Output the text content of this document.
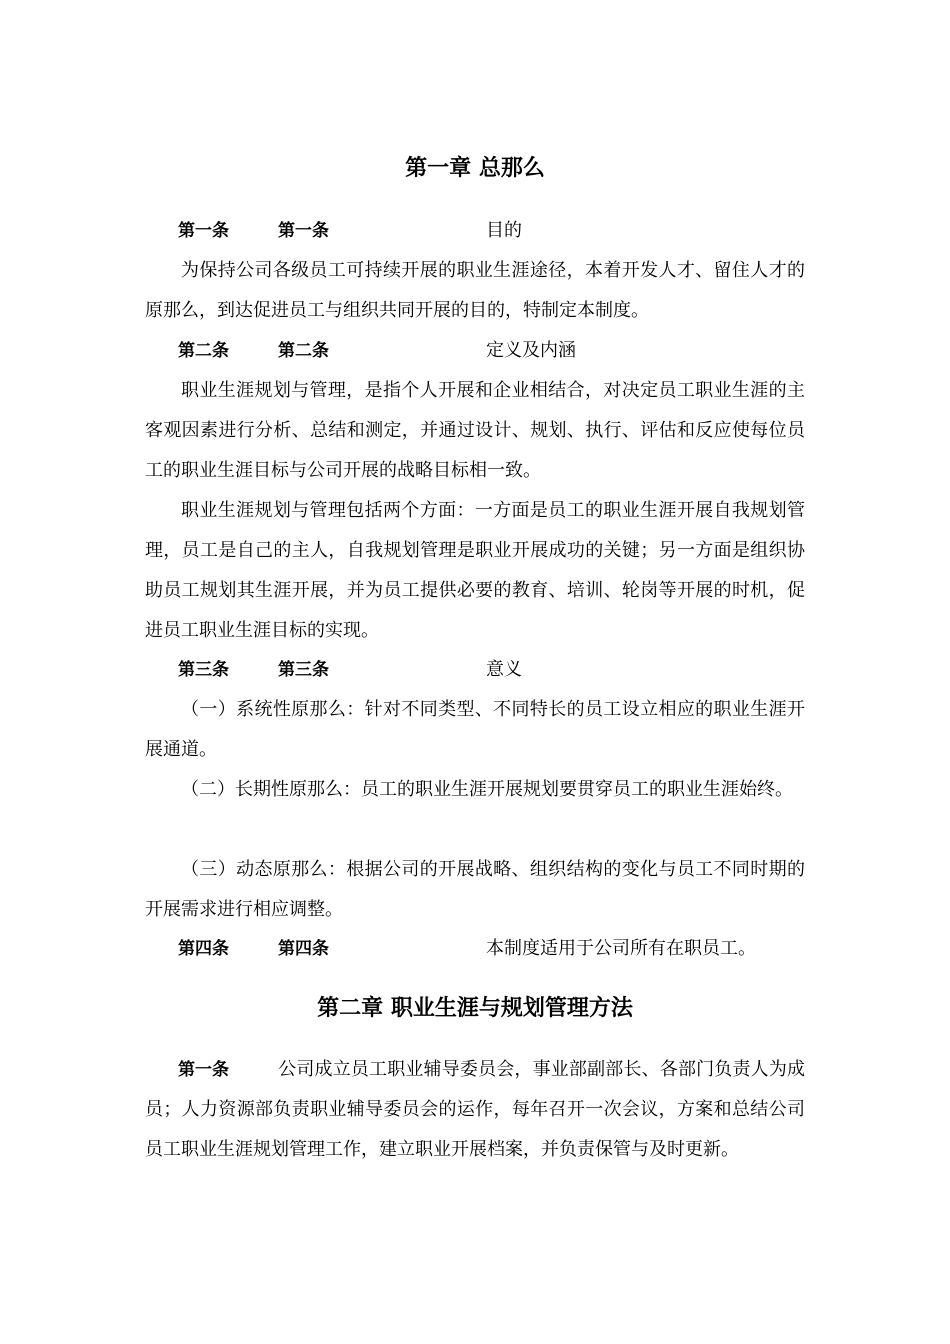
第一章 总那么
第一条	第一条	目的

为保持公司各级员工可持续开展的职业生涯途径，本着开发人才、留住人才的原那么，到达促进员工与组织共同开展的目的，特制定本制度。

第二条	第二条	定义及内涵

职业生涯规划与管理，是指个人开展和企业相结合，对决定员工职业生涯的主客观因素进行分析、总结和测定，并通过设计、规划、执行、评估和反应使每位员工的职业生涯目标与公司开展的战略目标相一致。

职业生涯规划与管理包括两个方面：一方面是员工的职业生涯开展自我规划管理，员工是自己的主人，自我规划管理是职业开展成功的关键；另一方面是组织协助员工规划其生涯开展，并为员工提供必要的教育、培训、轮岗等开展的时机，促进员工职业生涯目标的实现。

第三条	第三条	意义

（一）系统性原那么：针对不同类型、不同特长的员工设立相应的职业生涯开展通道。

（二）长期性原那么：员工的职业生涯开展规划要贯穿员工的职业生涯始终。

（三）动态原那么：根据公司的开展战略、组织结构的变化与员工不同时期的开展需求进行相应调整。

第四条	第四条	本制度适用于公司所有在职员工。
第二章 职业生涯与规划管理方法

第一条	公司成立员工职业辅导委员会，事业部副部长、各部门负责人为成员；人力资源部负责职业辅导委员会的运作，每年召开一次会议，方案和总结公司员工职业生涯规划管理工作，建立职业开展档案，并负责保管与及时更新。
